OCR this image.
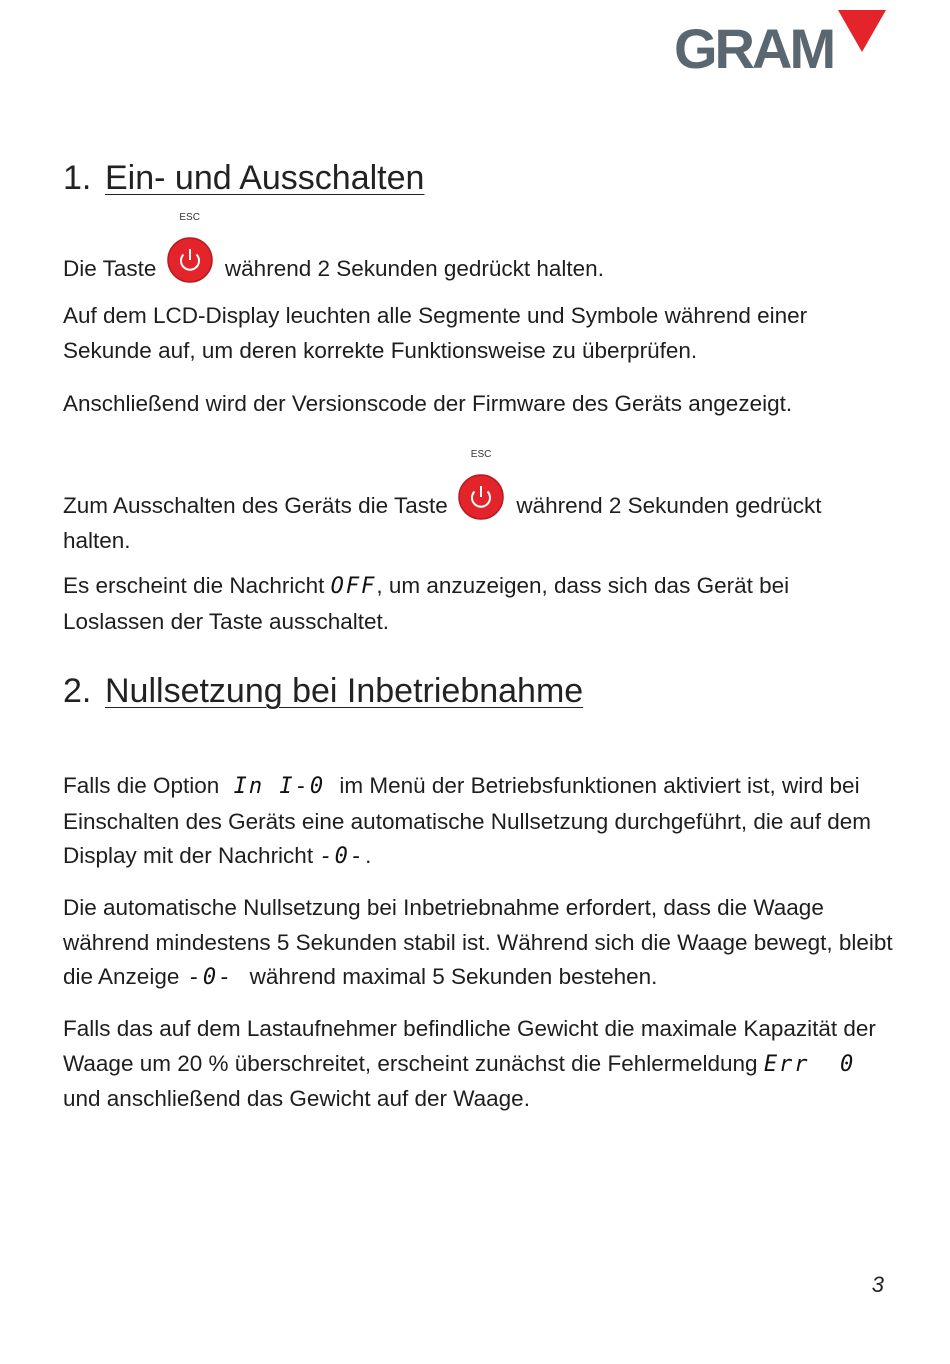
GRAM
1. Ein- und Ausschalten

Die Taste
ESC
während 2 Sekunden gedrückt halten.

Auf dem LCD-Display leuchten alle Segmente und Symbole während einer Sekunde auf, um deren korrekte Funktionsweise zu überprüfen.

Anschließend wird der Versionscode der Firmware des Geräts angezeigt.

Zum Ausschalten des Geräts die Taste
ESC
während 2 Sekunden gedrückt halten.

Es erscheint die Nachricht OFF, um anzuzeigen, dass sich das Gerät bei Loslassen der Taste ausschaltet.

2. Nullsetzung bei Inbetriebnahme

Falls die Option In I-0 im Menü der Betriebsfunktionen aktiviert ist, wird bei Einschalten des Geräts eine automatische Nullsetzung durchgeführt, die auf dem Display mit der Nachricht -0-.

Die automatische Nullsetzung bei Inbetriebnahme erfordert, dass die Waage während mindestens 5 Sekunden stabil ist. Während sich die Waage bewegt, bleibt die Anzeige -0- während maximal 5 Sekunden bestehen.

Falls das auf dem Lastaufnehmer befindliche Gewicht die maximale Kapazität der Waage um 20 % überschreitet, erscheint zunächst die Fehlermeldung Err  0 und anschließend das Gewicht auf der Waage.

3
